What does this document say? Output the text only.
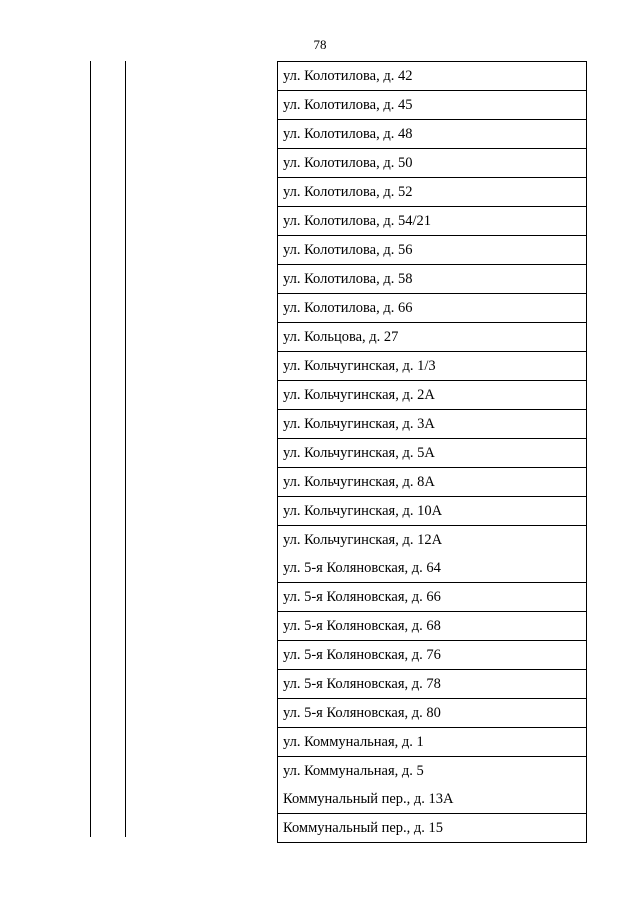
78
ул. Колотилова, д. 42
ул. Колотилова, д. 45
ул. Колотилова, д. 48
ул. Колотилова, д. 50
ул. Колотилова, д. 52
ул. Колотилова, д. 54/21
ул. Колотилова, д. 56
ул. Колотилова, д. 58
ул. Колотилова, д. 66
ул. Кольцова, д. 27
ул. Кольчугинская, д. 1/3
ул. Кольчугинская, д. 2А
ул. Кольчугинская, д. 3А
ул. Кольчугинская, д. 5А
ул. Кольчугинская, д. 8А
ул. Кольчугинская, д. 10А
ул. Кольчугинская, д. 12А
ул. 5-я Коляновская, д. 64
ул. 5-я Коляновская, д. 66
ул. 5-я Коляновская, д. 68
ул. 5-я Коляновская, д. 76
ул. 5-я Коляновская, д. 78
ул. 5-я Коляновская, д. 80
ул. Коммунальная, д. 1
ул. Коммунальная, д. 5
Коммунальный пер., д. 13А
Коммунальный пер., д. 15
